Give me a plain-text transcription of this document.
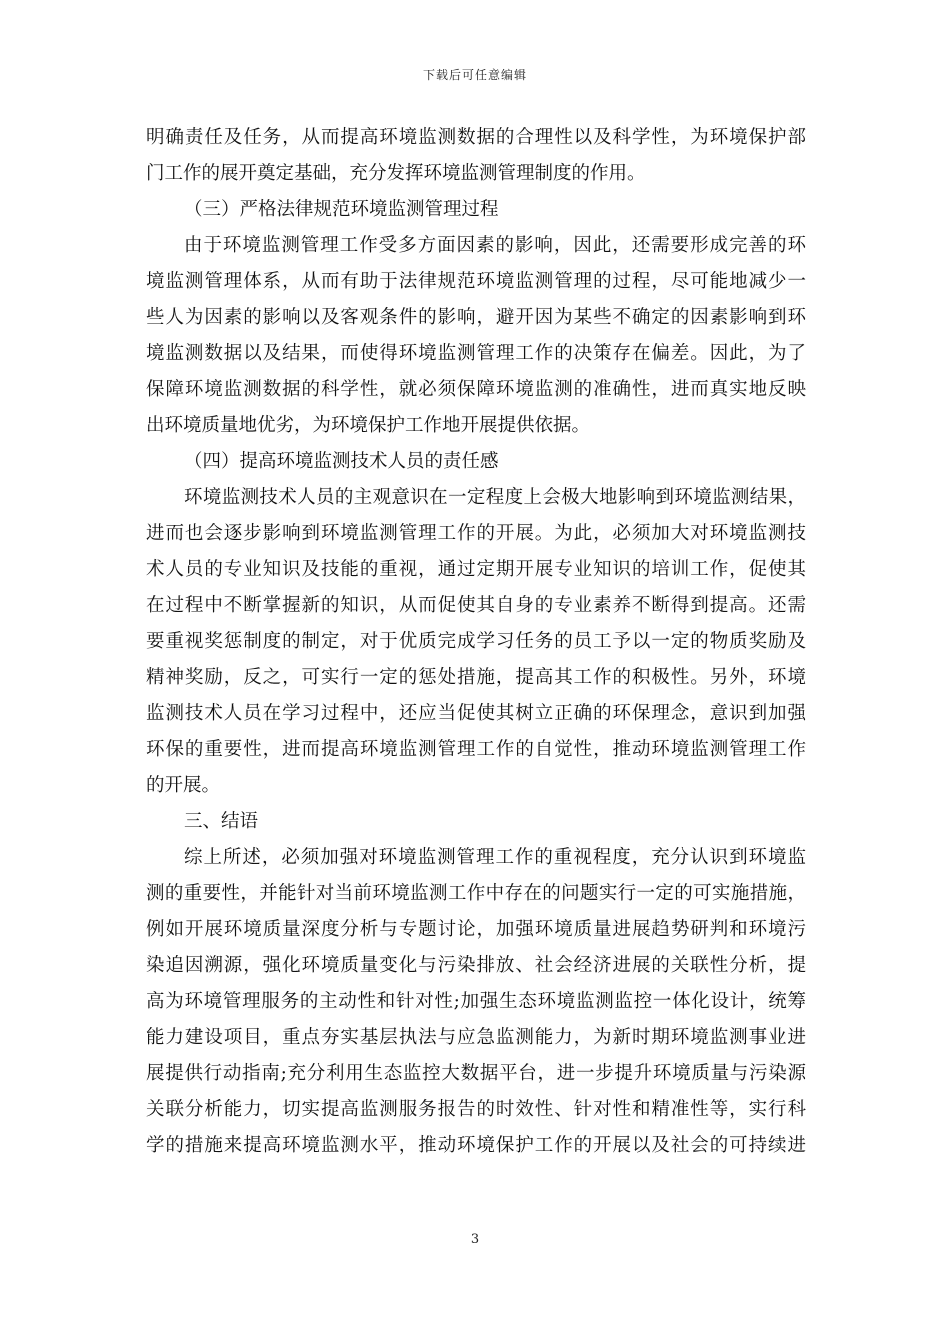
下载后可任意编辑
明确责任及任务，从而提高环境监测数据的合理性以及科学性，为环境保护部
门工作的展开奠定基础，充分发挥环境监测管理制度的作用。
（三）严格法律规范环境监测管理过程
由于环境监测管理工作受多方面因素的影响，因此，还需要形成完善的环
境监测管理体系，从而有助于法律规范环境监测管理的过程，尽可能地减少一
些人为因素的影响以及客观条件的影响，避开因为某些不确定的因素影响到环
境监测数据以及结果，而使得环境监测管理工作的决策存在偏差。因此，为了
保障环境监测数据的科学性，就必须保障环境监测的准确性，进而真实地反映
出环境质量地优劣，为环境保护工作地开展提供依据。
（四）提高环境监测技术人员的责任感
环境监测技术人员的主观意识在一定程度上会极大地影响到环境监测结果，
进而也会逐步影响到环境监测管理工作的开展。为此，必须加大对环境监测技
术人员的专业知识及技能的重视，通过定期开展专业知识的培训工作，促使其
在过程中不断掌握新的知识，从而促使其自身的专业素养不断得到提高。还需
要重视奖惩制度的制定，对于优质完成学习任务的员工予以一定的物质奖励及
精神奖励，反之，可实行一定的惩处措施，提高其工作的积极性。另外，环境
监测技术人员在学习过程中，还应当促使其树立正确的环保理念，意识到加强
环保的重要性，进而提高环境监测管理工作的自觉性，推动环境监测管理工作
的开展。
三、结语
综上所述，必须加强对环境监测管理工作的重视程度，充分认识到环境监
测的重要性，并能针对当前环境监测工作中存在的问题实行一定的可实施措施，
例如开展环境质量深度分析与专题讨论，加强环境质量进展趋势研判和环境污
染追因溯源，强化环境质量变化与污染排放、社会经济进展的关联性分析，提
高为环境管理服务的主动性和针对性;加强生态环境监测监控一体化设计，统筹
能力建设项目，重点夯实基层执法与应急监测能力，为新时期环境监测事业进
展提供行动指南;充分利用生态监控大数据平台，进一步提升环境质量与污染源
关联分析能力，切实提高监测服务报告的时效性、针对性和精准性等，实行科
学的措施来提高环境监测水平，推动环境保护工作的开展以及社会的可持续进
3
